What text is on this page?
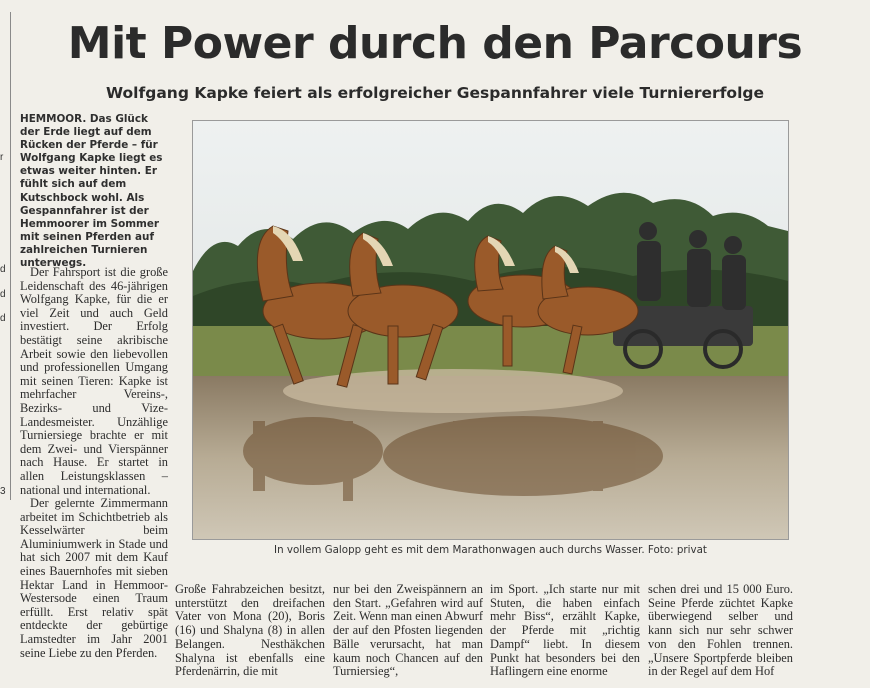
r
d
d
d
3
Mit Power durch den Parcours
Wolfgang Kapke feiert als erfolgreicher Gespannfahrer viele Turniererfolge
HEMMOOR. Das Glück der Erde liegt auf dem Rücken der Pferde – für Wolfgang Kapke liegt es etwas weiter hinten. Er fühlt sich auf dem Kutschbock wohl. Als Gespannfahrer ist der Hemmoorer im Sommer mit seinen Pferden auf zahlreichen Turnieren unterwegs.

Der Fahrsport ist die große Leidenschaft des 46-jährigen Wolfgang Kapke, für die er viel Zeit und auch Geld investiert. Der Erfolg bestätigt seine akribische Arbeit sowie den liebevollen und professionellen Umgang mit seinen Tieren: Kapke ist mehrfacher Vereins-, Bezirks- und Vize-Landesmeister. Unzählige Turniersiege brachte er mit dem Zwei- und Vierspänner nach Hause. Er startet in allen Leistungsklassen – national und international.

Der gelernte Zimmermann arbeitet im Schichtbetrieb als Kesselwärter beim Aluminiumwerk in Stade und hat sich 2007 mit dem Kauf eines Bauernhofes mit sieben Hektar Land in Hemmoor-Westersode einen Traum erfüllt. Erst relativ spät entdeckte der gebürtige Lamstedter im Jahr 2001 seine Liebe zu den Pferden.

In vollem Galopp geht es mit dem Marathonwagen auch durchs Wasser. Foto: privat

Große Fahrabzeichen besitzt, unterstützt den dreifachen Vater von Mona (20), Boris (16) und Shalyna (8) in allen Belangen. Nesthäkchen Shalyna ist ebenfalls eine Pferdenärrin, die mit

nur bei den Zweispännern an den Start. „Gefahren wird auf Zeit. Wenn man einen Abwurf der auf den Pfosten liegenden Bälle verursacht, hat man kaum noch Chancen auf den Turniersieg“,

im Sport. „Ich starte nur mit Stuten, die haben einfach mehr Biss“, erzählt Kapke, der Pferde mit „richtig Dampf“ liebt. In diesem Punkt hat besonders bei den Haflingern eine enorme

schen drei und 15 000 Euro. Seine Pferde züchtet Kapke überwiegend selber und kann sich nur sehr schwer von den Fohlen trennen. „Unsere Sportpferde bleiben in der Regel auf dem Hof
